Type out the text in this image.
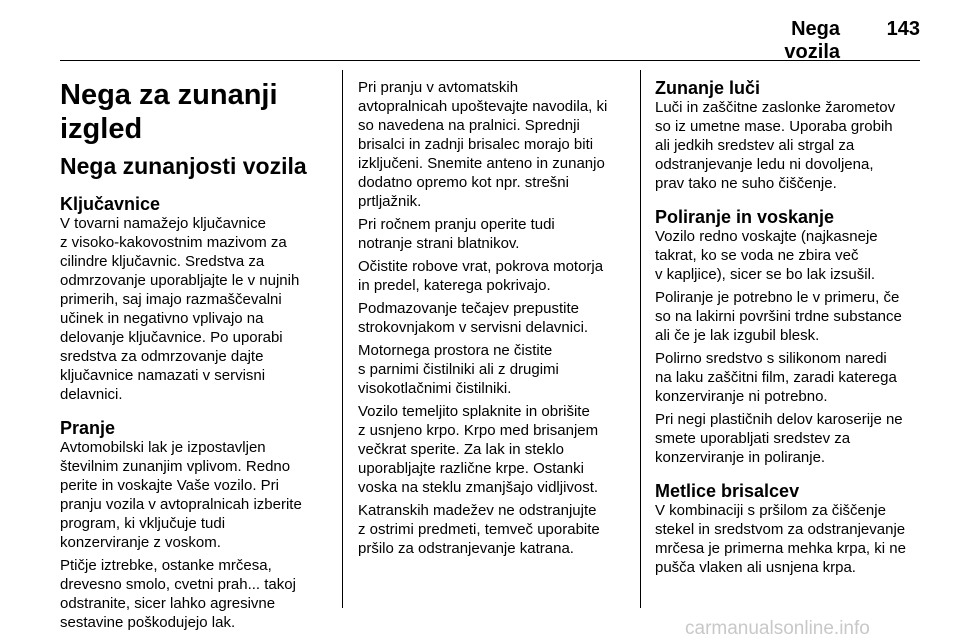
Nega vozila
143
Nega za zunanji izgled
Nega zunanjosti vozila
Ključavnice

V tovarni namažejo ključavnice
z visoko-kakovostnim mazivom za
cilindre ključavnic. Sredstva za
odmrzovanje uporabljajte le v nujnih
primerih, saj imajo razmaščevalni
učinek in negativno vplivajo na
delovanje ključavnice. Po uporabi
sredstva za odmrzovanje dajte
ključavnice namazati v servisni
delavnici.

Pranje

Avtomobilski lak je izpostavljen
številnim zunanjim vplivom. Redno
perite in voskajte Vaše vozilo. Pri
pranju vozila v avtopralnicah izberite
program, ki vključuje tudi
konzerviranje z voskom.

Ptičje iztrebke, ostanke mrčesa,
drevesno smolo, cvetni prah... takoj
odstranite, sicer lahko agresivne
sestavine poškodujejo lak.

Pri pranju v avtomatskih
avtopralnicah upoštevajte navodila, ki
so navedena na pralnici. Sprednji
brisalci in zadnji brisalec morajo biti
izključeni. Snemite anteno in zunanjo
dodatno opremo kot npr. strešni
prtljažnik.

Pri ročnem pranju operite tudi
notranje strani blatnikov.

Očistite robove vrat, pokrova motorja
in predel, katerega pokrivajo.

Podmazovanje tečajev prepustite
strokovnjakom v servisni delavnici.

Motornega prostora ne čistite
s parnimi čistilniki ali z drugimi
visokotlačnimi čistilniki.

Vozilo temeljito splaknite in obrišite
z usnjeno krpo. Krpo med brisanjem
večkrat sperite. Za lak in steklo
uporabljajte različne krpe. Ostanki
voska na steklu zmanjšajo vidljivost.

Katranskih madežev ne odstranjujte
z ostrimi predmeti, temveč uporabite
pršilo za odstranjevanje katrana.

Zunanje luči

Luči in zaščitne zaslonke žarometov
so iz umetne mase. Uporaba grobih
ali jedkih sredstev ali strgal za
odstranjevanje ledu ni dovoljena,
prav tako ne suho čiščenje.

Poliranje in voskanje

Vozilo redno voskajte (najkasneje
takrat, ko se voda ne zbira več
v kapljice), sicer se bo lak izsušil.

Poliranje je potrebno le v primeru, če
so na lakirni površini trdne substance
ali če je lak izgubil blesk.

Polirno sredstvo s silikonom naredi
na laku zaščitni film, zaradi katerega
konzerviranje ni potrebno.

Pri negi plastičnih delov karoserije ne
smete uporabljati sredstev za
konzerviranje in poliranje.

Metlice brisalcev

V kombinaciji s pršilom za čiščenje
stekel in sredstvom za odstranjevanje
mrčesa je primerna mehka krpa, ki ne
pušča vlaken ali usnjena krpa.

carmanualsonline.info
